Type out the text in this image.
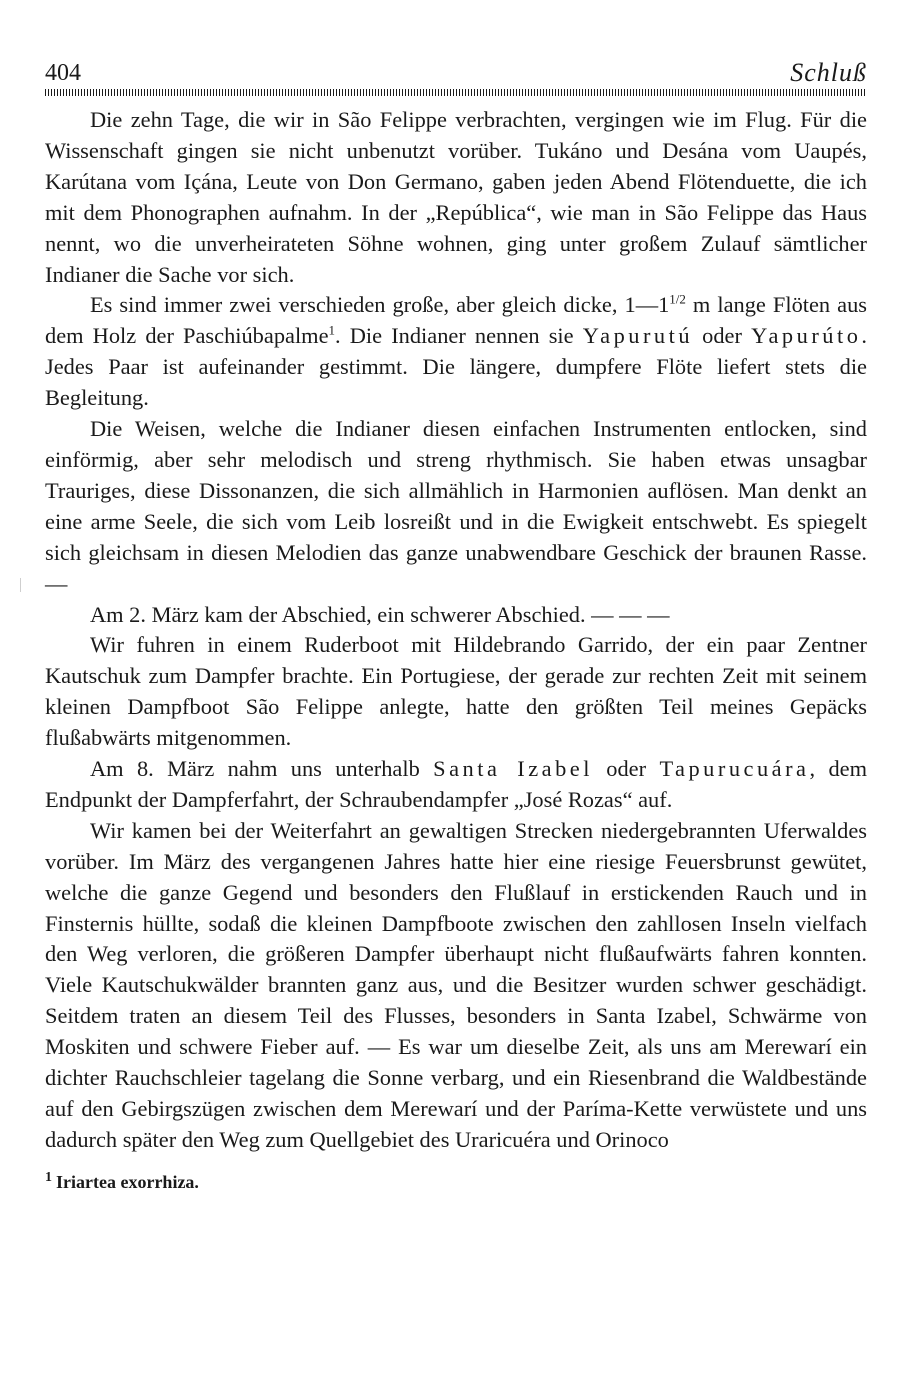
404	Schluß

Die zehn Tage, die wir in São Felippe verbrachten, vergingen wie im Flug. Für die Wissenschaft gingen sie nicht unbenutzt vorüber. Tukáno und Desána vom Uaupés, Karútana vom Içána, Leute von Don Germano, gaben jeden Abend Flötenduette, die ich mit dem Phonographen aufnahm. In der „República“, wie man in São Felippe das Haus nennt, wo die unverheirateten Söhne wohnen, ging unter großem Zulauf sämtlicher Indianer die Sache vor sich.

Es sind immer zwei verschieden große, aber gleich dicke, $1—1^{1/2}$ m lange Flöten aus dem Holz der Paschiúbapalme$^1$. Die Indianer nennen sie Yapurutú oder Yapurúto. Jedes Paar ist aufeinander gestimmt. Die längere, dumpfere Flöte liefert stets die Begleitung.

Die Weisen, welche die Indianer diesen einfachen Instrumenten entlocken, sind einförmig, aber sehr melodisch und streng rhythmisch. Sie haben etwas unsagbar Trauriges, diese Dissonanzen, die sich allmählich in Harmonien auflösen. Man denkt an eine arme Seele, die sich vom Leib losreißt und in die Ewigkeit entschwebt. Es spiegelt sich gleichsam in diesen Melodien das ganze unabwendbare Geschick der braunen Rasse. —

Am 2. März kam der Abschied, ein schwerer Abschied. — — —

Wir fuhren in einem Ruderboot mit Hildebrando Garrido, der ein paar Zentner Kautschuk zum Dampfer brachte. Ein Portugiese, der gerade zur rechten Zeit mit seinem kleinen Dampfboot São Felippe anlegte, hatte den größten Teil meines Gepäcks flußabwärts mitgenommen.

Am 8. März nahm uns unterhalb Santa Izabel oder Tapurucuára, dem Endpunkt der Dampferfahrt, der Schraubendampfer „José Rozas“ auf.

Wir kamen bei der Weiterfahrt an gewaltigen Strecken niedergebrannten Uferwaldes vorüber. Im März des vergangenen Jahres hatte hier eine riesige Feuersbrunst gewütet, welche die ganze Gegend und besonders den Flußlauf in erstickenden Rauch und in Finsternis hüllte, sodaß die kleinen Dampfboote zwischen den zahllosen Inseln vielfach den Weg verloren, die größeren Dampfer überhaupt nicht flußaufwärts fahren konnten. Viele Kautschukwälder brannten ganz aus, und die Besitzer wurden schwer geschädigt. Seitdem traten an diesem Teil des Flusses, besonders in Santa Izabel, Schwärme von Moskiten und schwere Fieber auf. — Es war um dieselbe Zeit, als uns am Merewarí ein dichter Rauchschleier tagelang die Sonne verbarg, und ein Riesenbrand die Waldbestände auf den Gebirgszügen zwischen dem Merewarí und der Paríma-Kette verwüstete und uns dadurch später den Weg zum Quellgebiet des Uraricuéra und Orinoco

$^1$ Iriartea exorrhiza.
